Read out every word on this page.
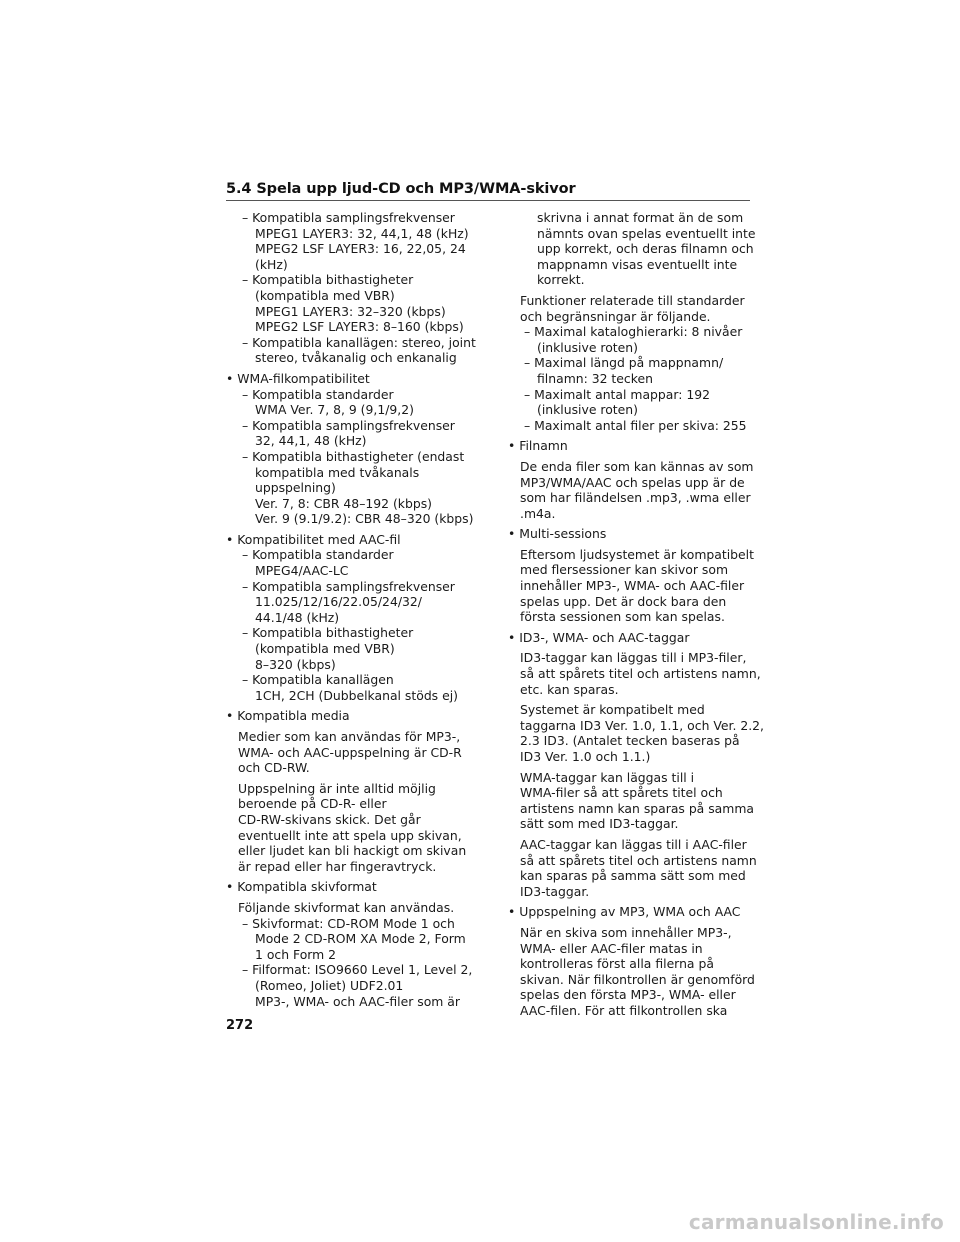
5.4 Spela upp ljud-CD och MP3/WMA-skivor
– Kompatibla samplingsfrekvenser
MPEG1 LAYER3: 32, 44,1, 48 (kHz)
MPEG2 LSF LAYER3: 16, 22,05, 24
(kHz)
– Kompatibla bithastigheter
(kompatibla med VBR)
MPEG1 LAYER3: 32–320 (kbps)
MPEG2 LSF LAYER3: 8–160 (kbps)
– Kompatibla kanallägen: stereo, joint
stereo, tvåkanalig och enkanalig
• WMA-filkompatibilitet
– Kompatibla standarder
WMA Ver. 7, 8, 9 (9,1/9,2)
– Kompatibla samplingsfrekvenser
32, 44,1, 48 (kHz)
– Kompatibla bithastigheter (endast
kompatibla med tvåkanals
uppspelning)
Ver. 7, 8: CBR 48–192 (kbps)
Ver. 9 (9.1/9.2): CBR 48–320 (kbps)
• Kompatibilitet med AAC-fil
– Kompatibla standarder
MPEG4/AAC-LC
– Kompatibla samplingsfrekvenser
11.025/12/16/22.05/24/32/
44.1/48 (kHz)
– Kompatibla bithastigheter
(kompatibla med VBR)
8–320 (kbps)
– Kompatibla kanallägen
1CH, 2CH (Dubbelkanal stöds ej)
• Kompatibla media
Medier som kan användas för MP3-,
WMA- och AAC-uppspelning är CD-R
och CD-RW.
Uppspelning är inte alltid möjlig
beroende på CD-R- eller
CD-RW-skivans skick. Det går
eventuellt inte att spela upp skivan,
eller ljudet kan bli hackigt om skivan
är repad eller har fingeravtryck.
• Kompatibla skivformat
Följande skivformat kan användas.
– Skivformat: CD-ROM Mode 1 och
Mode 2 CD-ROM XA Mode 2, Form
1 och Form 2
– Filformat: ISO9660 Level 1, Level 2,
(Romeo, Joliet) UDF2.01
MP3-, WMA- och AAC-filer som är
skrivna i annat format än de som
nämnts ovan spelas eventuellt inte
upp korrekt, och deras filnamn och
mappnamn visas eventuellt inte
korrekt.
Funktioner relaterade till standarder
och begränsningar är följande.
– Maximal kataloghierarki: 8 nivåer
(inklusive roten)
– Maximal längd på mappnamn/
filnamn: 32 tecken
– Maximalt antal mappar: 192
(inklusive roten)
– Maximalt antal filer per skiva: 255
• Filnamn
De enda filer som kan kännas av som
MP3/WMA/AAC och spelas upp är de
som har filändelsen .mp3, .wma eller
.m4a.
• Multi-sessions
Eftersom ljudsystemet är kompatibelt
med flersessioner kan skivor som
innehåller MP3-, WMA- och AAC-filer
spelas upp. Det är dock bara den
första sessionen som kan spelas.
• ID3-, WMA- och AAC-taggar
ID3-taggar kan läggas till i MP3-filer,
så att spårets titel och artistens namn,
etc. kan sparas.
Systemet är kompatibelt med
taggarna ID3 Ver. 1.0, 1.1, och Ver. 2.2,
2.3 ID3. (Antalet tecken baseras på
ID3 Ver. 1.0 och 1.1.)
WMA-taggar kan läggas till i
WMA-filer så att spårets titel och
artistens namn kan sparas på samma
sätt som med ID3-taggar.
AAC-taggar kan läggas till i AAC-filer
så att spårets titel och artistens namn
kan sparas på samma sätt som med
ID3-taggar.
• Uppspelning av MP3, WMA och AAC
När en skiva som innehåller MP3-,
WMA- eller AAC-filer matas in
kontrolleras först alla filerna på
skivan. När filkontrollen är genomförd
spelas den första MP3-, WMA- eller
AAC-filen. För att filkontrollen ska
272
carmanualsonline.info
